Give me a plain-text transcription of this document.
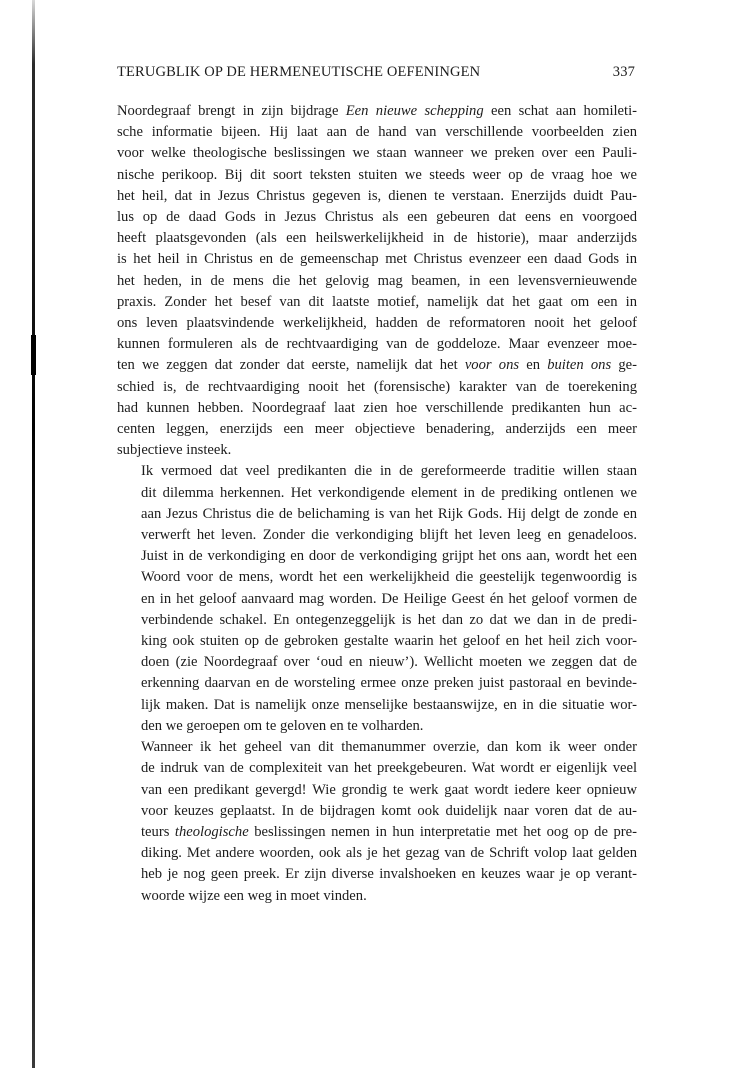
TERUGBLIK OP DE HERMENEUTISCHE OEFENINGEN	337

Noordegraaf brengt in zijn bijdrage Een nieuwe schepping een schat aan homileti-
sche informatie bijeen. Hij laat aan de hand van verschillende voorbeelden zien
voor welke theologische beslissingen we staan wanneer we preken over een Pauli-
nische perikoop. Bij dit soort teksten stuiten we steeds weer op de vraag hoe we
het heil, dat in Jezus Christus gegeven is, dienen te verstaan. Enerzijds duidt Pau-
lus op de daad Gods in Jezus Christus als een gebeuren dat eens en voorgoed
heeft plaatsgevonden (als een heilswerkelijkheid in de historie), maar anderzijds
is het heil in Christus en de gemeenschap met Christus evenzeer een daad Gods in
het heden, in de mens die het gelovig mag beamen, in een levensvernieuwende
praxis. Zonder het besef van dit laatste motief, namelijk dat het gaat om een in
ons leven plaatsvindende werkelijkheid, hadden de reformatoren nooit het geloof
kunnen formuleren als de rechtvaardiging van de goddeloze. Maar evenzeer moe-
ten we zeggen dat zonder dat eerste, namelijk dat het voor ons en buiten ons ge-
schied is, de rechtvaardiging nooit het (forensische) karakter van de toerekening
had kunnen hebben. Noordegraaf laat zien hoe verschillende predikanten hun ac-
centen leggen, enerzijds een meer objectieve benadering, anderzijds een meer
subjectieve insteek.

Ik vermoed dat veel predikanten die in de gereformeerde traditie willen staan
dit dilemma herkennen. Het verkondigende element in de prediking ontlenen we
aan Jezus Christus die de belichaming is van het Rijk Gods. Hij delgt de zonde en
verwerft het leven. Zonder die verkondiging blijft het leven leeg en genadeloos.
Juist in de verkondiging en door de verkondiging grijpt het ons aan, wordt het een
Woord voor de mens, wordt het een werkelijkheid die geestelijk tegenwoordig is
en in het geloof aanvaard mag worden. De Heilige Geest én het geloof vormen de
verbindende schakel. En ontegenzeggelijk is het dan zo dat we dan in de predi-
king ook stuiten op de gebroken gestalte waarin het geloof en het heil zich voor-
doen (zie Noordegraaf over ‘oud en nieuw’). Wellicht moeten we zeggen dat de
erkenning daarvan en de worsteling ermee onze preken juist pastoraal en bevinde-
lijk maken. Dat is namelijk onze menselijke bestaanswijze, en in die situatie wor-
den we geroepen om te geloven en te volharden.

Wanneer ik het geheel van dit themanummer overzie, dan kom ik weer onder
de indruk van de complexiteit van het preekgebeuren. Wat wordt er eigenlijk veel
van een predikant gevergd! Wie grondig te werk gaat wordt iedere keer opnieuw
voor keuzes geplaatst. In de bijdragen komt ook duidelijk naar voren dat de au-
teurs theologische beslissingen nemen in hun interpretatie met het oog op de pre-
diking. Met andere woorden, ook als je het gezag van de Schrift volop laat gelden
heb je nog geen preek. Er zijn diverse invalshoeken en keuzes waar je op verant-
woorde wijze een weg in moet vinden.
